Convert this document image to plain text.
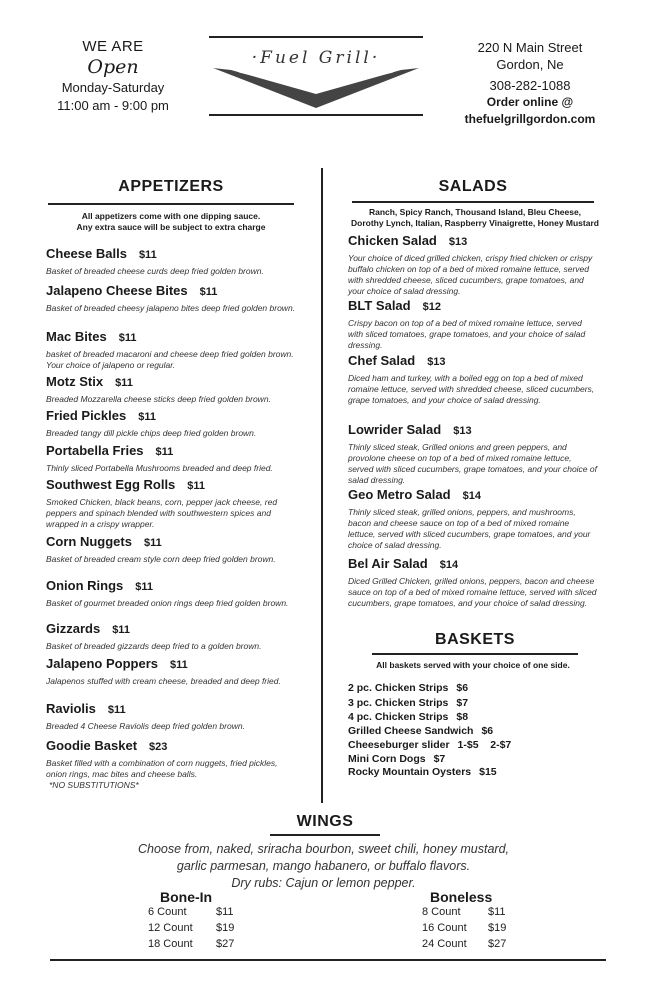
WE ARE
Open
Monday-Saturday
11:00 am - 9:00 pm
·Fuel Grill·
220 N Main Street
Gordon, Ne
308-282-1088
Order online @
thefuelgrillgordon.com
APPETIZERS
All appetizers come with one dipping sauce.
Any extra sauce will be subject to extra charge
Cheese Balls $11
Basket of breaded cheese curds deep fried golden brown.
Jalapeno Cheese Bites $11
Basket of breaded cheesy jalapeno bites deep fried golden brown.
Mac Bites $11
basket of breaded macaroni and cheese deep fried golden brown. Your choice of jalapeno or regular.
Motz Stix $11
Breaded Mozzarella cheese sticks deep fried golden brown.
Fried Pickles $11
Breaded tangy dill pickle chips deep fried golden brown.
Portabella Fries $11
Thinly sliced Portabella Mushrooms breaded and deep fried.
Southwest Egg Rolls $11
Smoked Chicken, black beans, corn, pepper jack cheese, red peppers and spinach blended with southwestern spices and wrapped in a crispy wrapper.
Corn Nuggets $11
Basket of breaded cream style corn deep fried golden brown.
Onion Rings $11
Basket of gourmet breaded onion rings deep fried golden brown.
Gizzards $11
Basket of breaded gizzards deep fried to a golden brown.
Jalapeno Poppers $11
Jalapenos stuffed with cream cheese, breaded and deep fried.
Raviolis $11
Breaded 4 Cheese Raviolis deep fried golden brown.
Goodie Basket $23
Basket filled with a combination of corn nuggets, fried pickles, onion rings, mac bites and cheese balls.
*NO SUBSTITUTIONS*
SALADS
Ranch, Spicy Ranch, Thousand Island, Bleu Cheese,
Dorothy Lynch, Italian, Raspberry Vinaigrette, Honey Mustard
Chicken Salad $13
Your choice of diced grilled chicken, crispy fried chicken or crispy buffalo chicken on top of a bed of mixed romaine lettuce, served with shredded cheese, sliced cucumbers, grape tomatoes, and your choice of salad dressing.
BLT Salad $12
Crispy bacon on top of a bed of mixed romaine lettuce, served with sliced tomatoes, grape tomatoes, and your choice of salad dressing.
Chef Salad $13
Diced ham and turkey, with a boiled egg on top a bed of mixed romaine lettuce, served with shredded cheese, sliced cucumbers, grape tomatoes, and your choice of salad dressing.
Lowrider Salad $13
Thinly sliced steak, Grilled onions and green peppers, and provolone cheese on top of a bed of mixed romaine lettuce, served with sliced cucumbers, grape tomatoes, and your choice of salad dressing.
Geo Metro Salad $14
Thinly sliced steak, grilled onions, peppers, and mushrooms, bacon and cheese sauce on top of a bed of mixed romaine lettuce, served with sliced cucumbers, grape tomatoes, and your choice of salad dressing.
Bel Air Salad $14
Diced Grilled Chicken, grilled onions, peppers, bacon and cheese sauce on top of a bed of mixed romaine lettuce, served with sliced cucumbers, grape tomatoes, and your choice of salad dressing.
BASKETS
All baskets served with your choice of one side.
2 pc. Chicken Strips $6
3 pc. Chicken Strips $7
4 pc. Chicken Strips $8
Grilled Cheese Sandwich $6
Cheeseburger slider 1-$5    2-$7
Mini Corn Dogs $7
Rocky Mountain Oysters $15
WINGS
Choose from, naked, sriracha bourbon, sweet chili, honey mustard,
garlic parmesan, mango habanero, or buffalo flavors.
Dry rubs: Cajun or lemon pepper.
Bone-In	Boneless
6 Count	$11
12 Count $19
18 Count $27
8 Count $11
16 Count $19
24 Count $27
